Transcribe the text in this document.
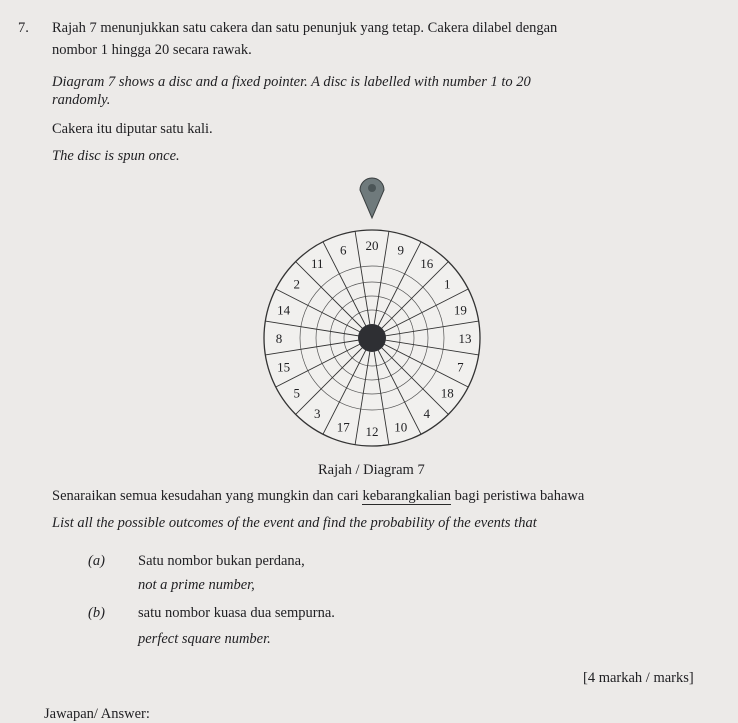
7. Rajah 7 menunjukkan satu cakera dan satu penunjuk yang tetap. Cakera dilabel dengan
nombor 1 hingga 20 secara rawak.
Diagram 7 shows a disc and a fixed pointer. A disc is labelled with number 1 to 20
randomly.
Cakera itu diputar satu kali.
The disc is spun once.
20 9
16
1
19
13
7
18
4
10
12
17
3
5
15
8
14
2
11
6
Rajah / Diagram 7
Senaraikan semua kesudahan yang mungkin dan cari kebarangkalian bagi peristiwa bahawa
List all the possible outcomes of the event and find the probability of the events that
(a) Satu nombor bukan perdana,
not a prime number,
(b) satu nombor kuasa dua sempurna.
perfect square number.
[4 markah / marks]
Jawapan/ Answer:
